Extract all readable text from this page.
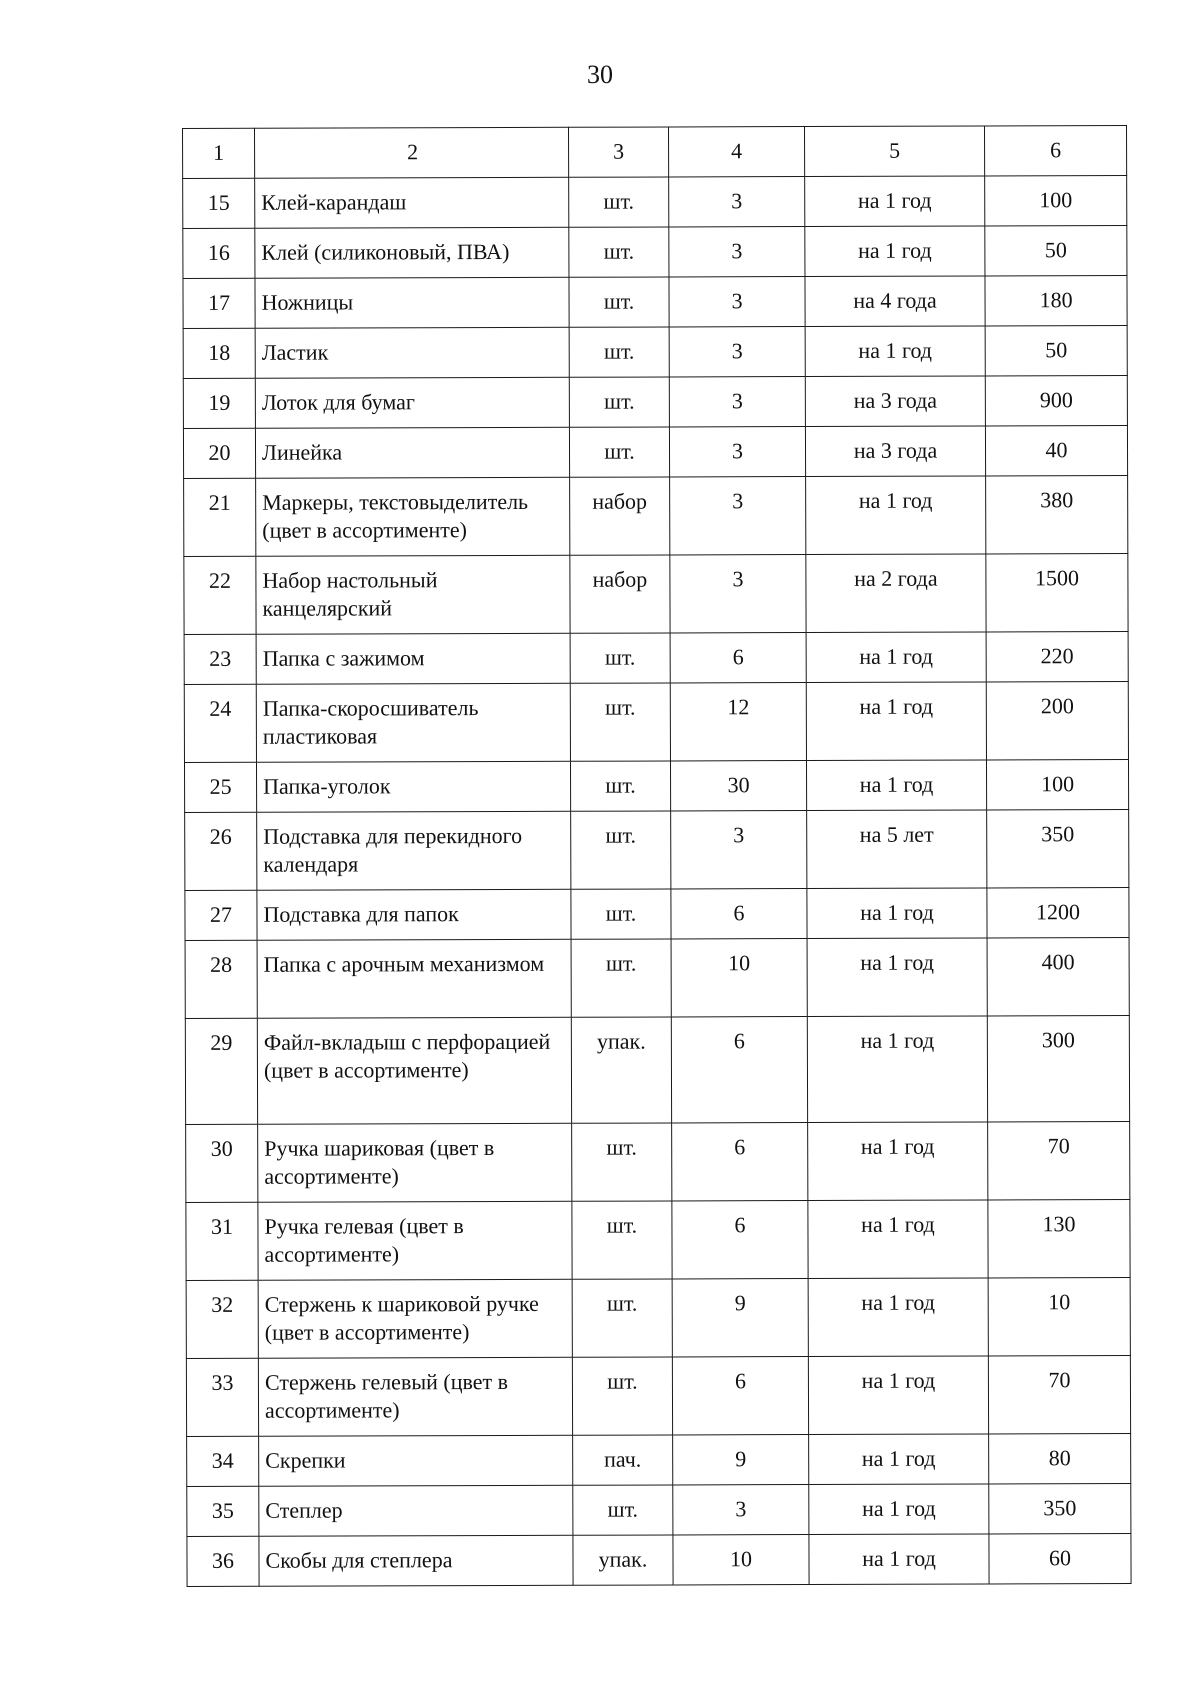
30
1	2	3	4	5	6
15	Клей-карандаш	шт.	3	на 1 год	100
16	Клей (силиконовый, ПВА)	шт.	3	на 1 год	50
17	Ножницы	шт.	3	на 4 года	180
18	Ластик	шт.	3	на 1 год	50
19	Лоток для бумаг	шт.	3	на 3 года	900
20	Линейка	шт.	3	на 3 года	40
21	Маркеры, текстовыделитель (цвет в ассортименте)	набор	3	на 1 год	380
22	Набор настольный канцелярский	набор	3	на 2 года	1500
23	Папка с зажимом	шт.	6	на 1 год	220
24	Папка-скоросшиватель пластиковая	шт.	12	на 1 год	200
25	Папка-уголок	шт.	30	на 1 год	100
26	Подставка для перекидного календаря	шт.	3	на 5 лет	350
27	Подставка для папок	шт.	6	на 1 год	1200
28	Папка с арочным механизмом	шт.	10	на 1 год	400
29	Файл-вкладыш с перфорацией (цвет в ассортименте)	упак.	6	на 1 год	300
30	Ручка шариковая (цвет в ассортименте)	шт.	6	на 1 год	70
31	Ручка гелевая (цвет в ассортименте)	шт.	6	на 1 год	130
32	Стержень к шариковой ручке (цвет в ассортименте)	шт.	9	на 1 год	10
33	Стержень гелевый (цвет в ассортименте)	шт.	6	на 1 год	70
34	Скрепки	пач.	9	на 1 год	80
35	Степлер	шт.	3	на 1 год	350
36	Скобы для степлера	упак.	10	на 1 год	60
